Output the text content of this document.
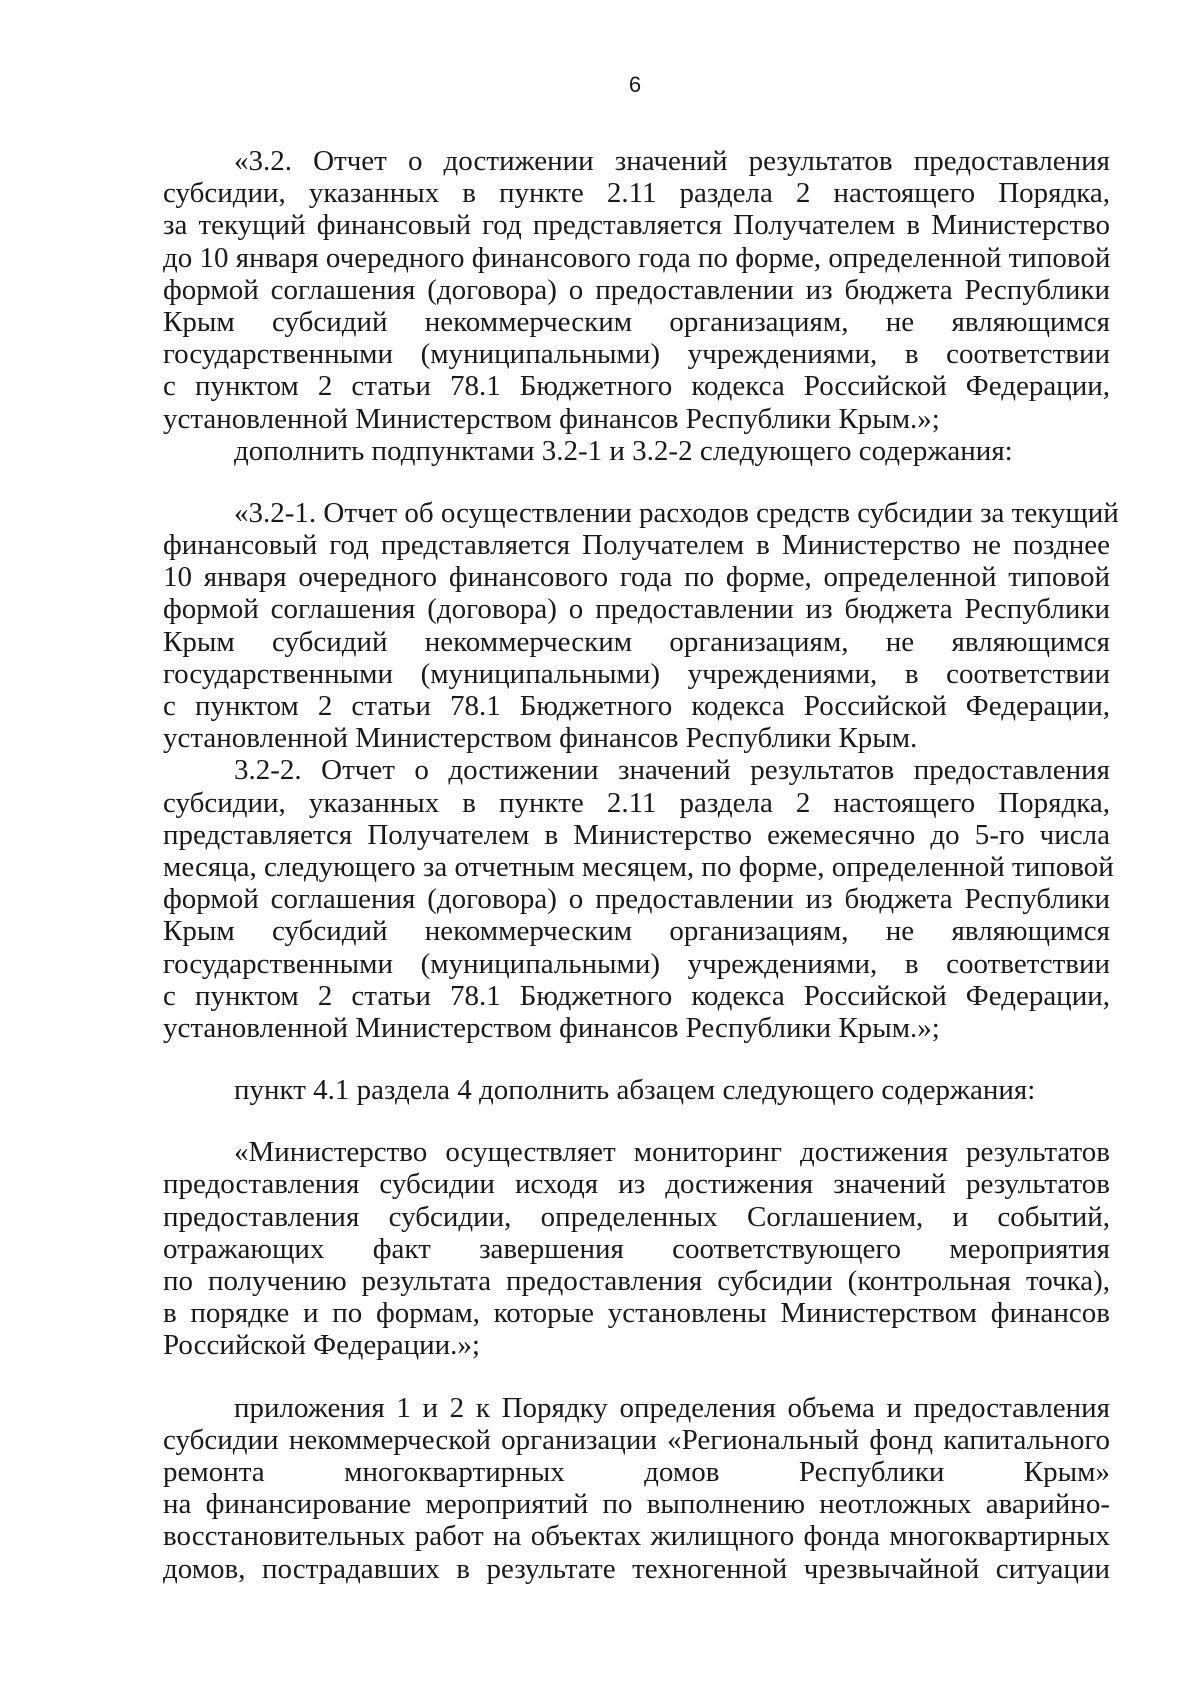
6
«3.2. Отчет о достижении значений результатов предоставления
субсидии, указанных в пункте 2.11 раздела 2 настоящего Порядка,
за текущий финансовый год представляется Получателем в Министерство
до 10 января очередного финансового года по форме, определенной типовой
формой соглашения (договора) о предоставлении из бюджета Республики
Крым субсидий некоммерческим организациям, не являющимся
государственными (муниципальными) учреждениями, в соответствии
с пунктом 2 статьи 78.1 Бюджетного кодекса Российской Федерации,
установленной Министерством финансов Республики Крым.»;
дополнить подпунктами 3.2-1 и 3.2-2 следующего содержания:
«3.2-1. Отчет об осуществлении расходов средств субсидии за текущий
финансовый год представляется Получателем в Министерство не позднее
10 января очередного финансового года по форме, определенной типовой
формой соглашения (договора) о предоставлении из бюджета Республики
Крым субсидий некоммерческим организациям, не являющимся
государственными (муниципальными) учреждениями, в соответствии
с пунктом 2 статьи 78.1 Бюджетного кодекса Российской Федерации,
установленной Министерством финансов Республики Крым.
3.2-2. Отчет о достижении значений результатов предоставления
субсидии, указанных в пункте 2.11 раздела 2 настоящего Порядка,
представляется Получателем в Министерство ежемесячно до 5-го числа
месяца, следующего за отчетным месяцем, по форме, определенной типовой
формой соглашения (договора) о предоставлении из бюджета Республики
Крым субсидий некоммерческим организациям, не являющимся
государственными (муниципальными) учреждениями, в соответствии
с пунктом 2 статьи 78.1 Бюджетного кодекса Российской Федерации,
установленной Министерством финансов Республики Крым.»;
пункт 4.1 раздела 4 дополнить абзацем следующего содержания:
«Министерство осуществляет мониторинг достижения результатов
предоставления субсидии исходя из достижения значений результатов
предоставления субсидии, определенных Соглашением, и событий,
отражающих факт завершения соответствующего мероприятия
по получению результата предоставления субсидии (контрольная точка),
в порядке и по формам, которые установлены Министерством финансов
Российской Федерации.»;
приложения 1 и 2 к Порядку определения объема и предоставления
субсидии некоммерческой организации «Региональный фонд капитального
ремонта многоквартирных домов Республики Крым»
на финансирование мероприятий по выполнению неотложных аварийно-
восстановительных работ на объектах жилищного фонда многоквартирных
домов, пострадавших в результате техногенной чрезвычайной ситуации
